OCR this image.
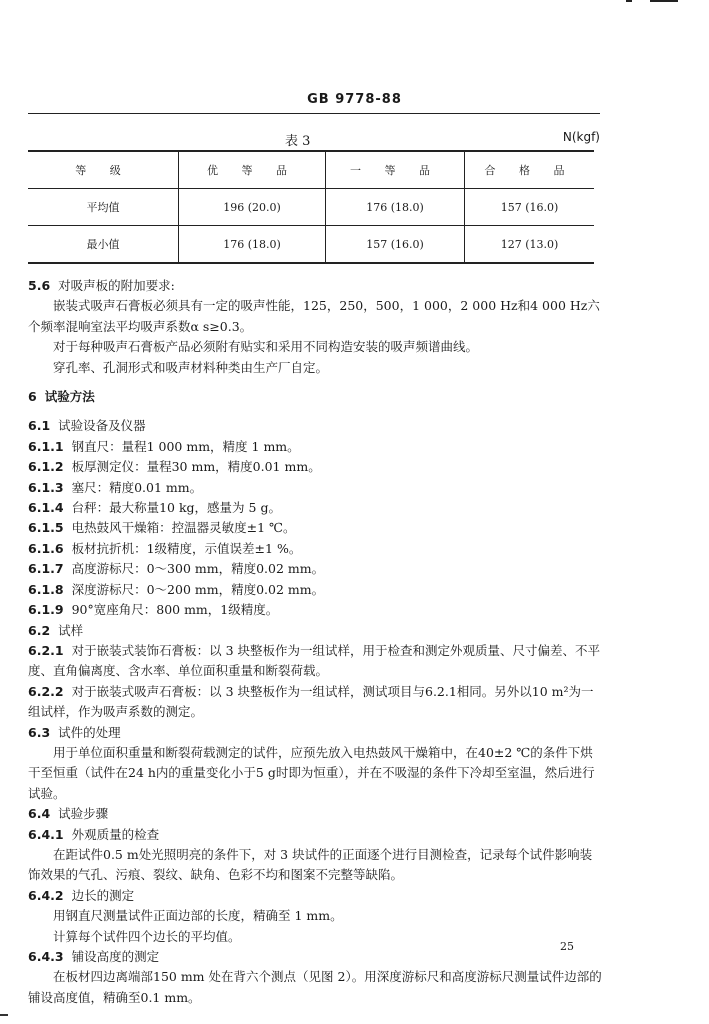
GB 9778-88
表 3	N(kgf)
等 级	优 等 品	一 等 品	合 格 品
平均值	196 (20.0)	176 (18.0)	157 (16.0)
最小值	176 (18.0)	157 (16.0)	127 (13.0)

5.6 对吸声板的附加要求:

嵌装式吸声石膏板必须具有一定的吸声性能，125，250，500，1 000，2 000 Hz和4 000 Hz六个频率混响室法平均吸声系数α s≥0.3。

对于每种吸声石膏板产品必须附有贴实和采用不同构造安装的吸声频谱曲线。

穿孔率、孔洞形式和吸声材料种类由生产厂自定。

6 试验方法

6.1 试验设备及仪器

6.1.1 钢直尺：量程1 000 mm，精度 1 mm。

6.1.2 板厚测定仪：量程30 mm，精度0.01 mm。

6.1.3 塞尺：精度0.01 mm。

6.1.4 台秤：最大称量10 kg，感量为 5 g。

6.1.5 电热鼓风干燥箱：控温器灵敏度±1 ℃。

6.1.6 板材抗折机：1级精度，示值误差±1 %。

6.1.7 高度游标尺：0～300 mm，精度0.02 mm。

6.1.8 深度游标尺：0～200 mm，精度0.02 mm。

6.1.9 90°宽座角尺：800 mm，1级精度。

6.2 试样

6.2.1 对于嵌装式装饰石膏板：以 3 块整板作为一组试样，用于检查和测定外观质量、尺寸偏差、不平度、直角偏离度、含水率、单位面积重量和断裂荷载。

6.2.2 对于嵌装式吸声石膏板：以 3 块整板作为一组试样，测试项目与6.2.1相同。另外以10 m²为一组试样，作为吸声系数的测定。

6.3 试件的处理

用于单位面积重量和断裂荷载测定的试件，应预先放入电热鼓风干燥箱中，在40±2 ℃的条件下烘干至恒重（试件在24 h内的重量变化小于5 g时即为恒重），并在不吸湿的条件下冷却至室温，然后进行试验。

6.4 试验步骤

6.4.1 外观质量的检查

在距试件0.5 m处光照明亮的条件下，对 3 块试件的正面逐个进行目测检查，记录每个试件影响装饰效果的气孔、污痕、裂纹、缺角、色彩不均和图案不完整等缺陷。

6.4.2 边长的测定

用钢直尺测量试件正面边部的长度，精确至 1 mm。

计算每个试件四个边长的平均值。

6.4.3 铺设高度的测定

在板材四边离端部150 mm 处在背六个测点（见图 2）。用深度游标尺和高度游标尺测量试件边部的铺设高度值，精确至0.1 mm。

25
